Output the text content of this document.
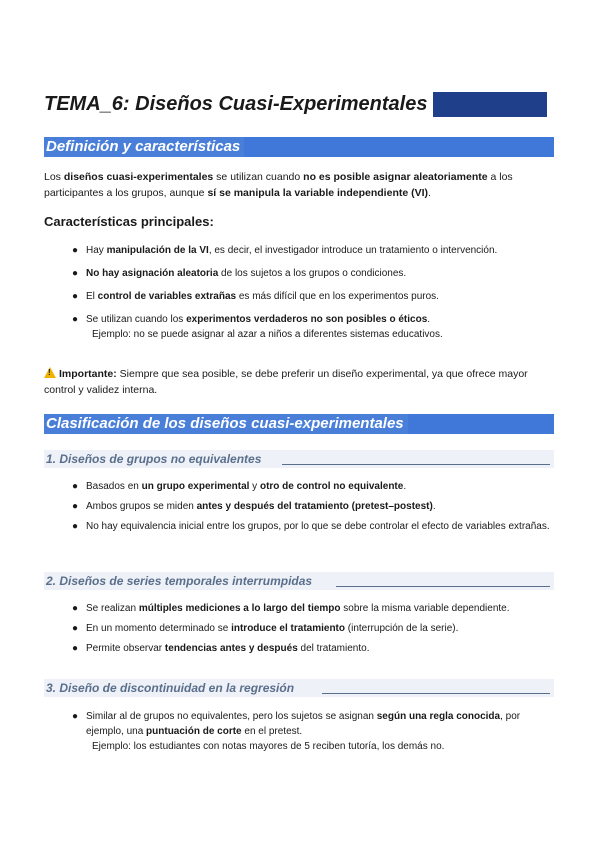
TEMA_6: Diseños Cuasi-Experimentales
Definición y características
Los diseños cuasi-experimentales se utilizan cuando no es posible asignar aleatoriamente a los participantes a los grupos, aunque sí se manipula la variable independiente (VI).
Características principales:
● Hay manipulación de la VI, es decir, el investigador introduce un tratamiento o intervención.
● No hay asignación aleatoria de los sujetos a los grupos o condiciones.
● El control de variables extrañas es más difícil que en los experimentos puros.
● Se utilizan cuando los experimentos verdaderos no son posibles o éticos.
Ejemplo: no se puede asignar al azar a niños a diferentes sistemas educativos.
!Importante: Siempre que sea posible, se debe preferir un diseño experimental, ya que ofrece mayor control y validez interna.
Clasificación de los diseños cuasi-experimentales
1. Diseños de grupos no equivalentes
● Basados en un grupo experimental y otro de control no equivalente.
● Ambos grupos se miden antes y después del tratamiento (pretest–postest).
● No hay equivalencia inicial entre los grupos, por lo que se debe controlar el efecto de variables extrañas.
2. Diseños de series temporales interrumpidas
● Se realizan múltiples mediciones a lo largo del tiempo sobre la misma variable dependiente.
● En un momento determinado se introduce el tratamiento (interrupción de la serie).
● Permite observar tendencias antes y después del tratamiento.
3. Diseño de discontinuidad en la regresión
● Similar al de grupos no equivalentes, pero los sujetos se asignan según una regla conocida, por ejemplo, una puntuación de corte en el pretest.
Ejemplo: los estudiantes con notas mayores de 5 reciben tutoría, los demás no.
